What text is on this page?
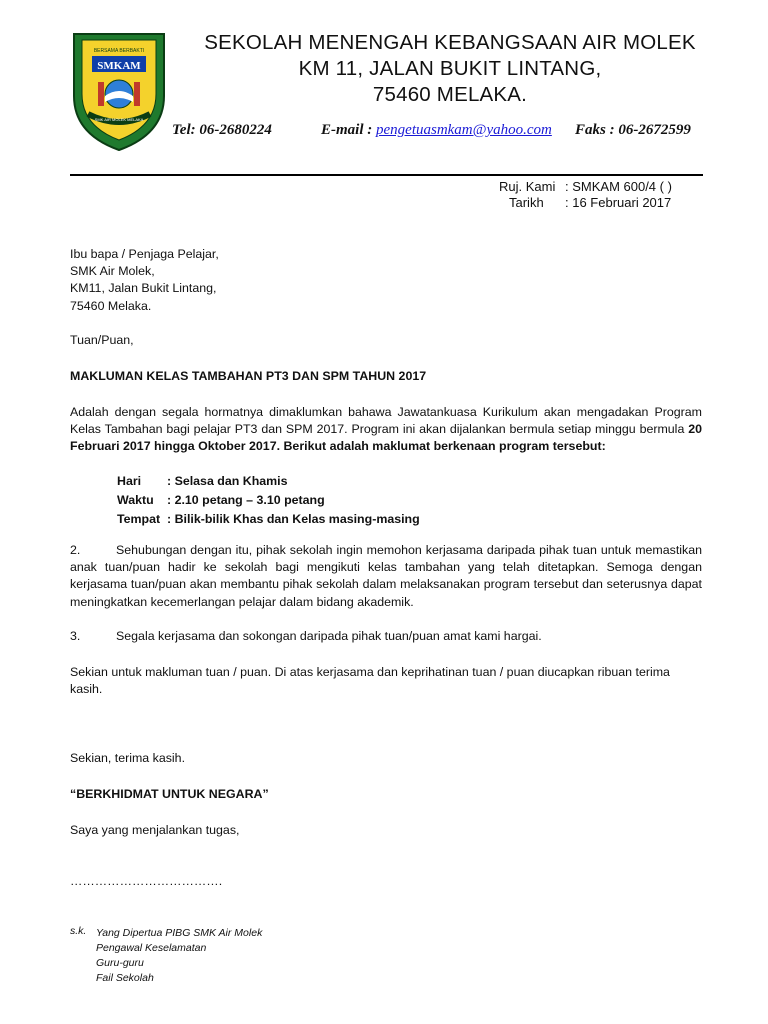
BERSAMA BERBAKTI
SMKAM
SMK AIR MOLEK MELAKA
SEKOLAH MENENGAH KEBANGSAAN AIR MOLEK
KM 11, JALAN BUKIT LINTANG,
75460 MELAKA.
Tel: 06-2680224	E-mail : pengetuasmkam@yahoo.com Faks : 06-2672599
Ruj. Kami	: SMKAM 600/4 ( )
Tarikh	: 16 Februari 2017
Ibu bapa / Penjaga Pelajar,
SMK Air Molek,
KM11, Jalan Bukit Lintang,
75460 Melaka.
Tuan/Puan,
MAKLUMAN KELAS TAMBAHAN PT3 DAN SPM TAHUN 2017
Adalah dengan segala hormatnya dimaklumkan bahawa Jawatankuasa Kurikulum akan mengadakan Program Kelas Tambahan bagi pelajar PT3 dan SPM 2017. Program ini akan dijalankan bermula setiap minggu bermula 20 Februari 2017 hingga Oktober 2017. Berikut adalah maklumat berkenaan program tersebut:
Hari	: Selasa dan Khamis
Waktu	: 2.10 petang – 3.10 petang
Tempat	: Bilik-bilik Khas dan Kelas masing-masing
2.	Sehubungan dengan itu, pihak sekolah ingin memohon kerjasama daripada pihak tuan untuk memastikan anak tuan/puan hadir ke sekolah bagi mengikuti kelas tambahan yang telah ditetapkan. Semoga dengan kerjasama tuan/puan akan membantu pihak sekolah dalam melaksanakan program tersebut dan seterusnya dapat meningkatkan kecemerlangan pelajar dalam bidang akademik.
3.	Segala kerjasama dan sokongan daripada pihak tuan/puan amat kami hargai.
Sekian untuk makluman tuan / puan. Di atas kerjasama dan keprihatinan tuan / puan diucapkan ribuan terima kasih.
Sekian, terima kasih.
“BERKHIDMAT UNTUK NEGARA”
Saya yang menjalankan tugas,
……………………………….
s.k. Yang Dipertua PIBG SMK Air Molek
Pengawal Keselamatan
Guru-guru
Fail Sekolah
